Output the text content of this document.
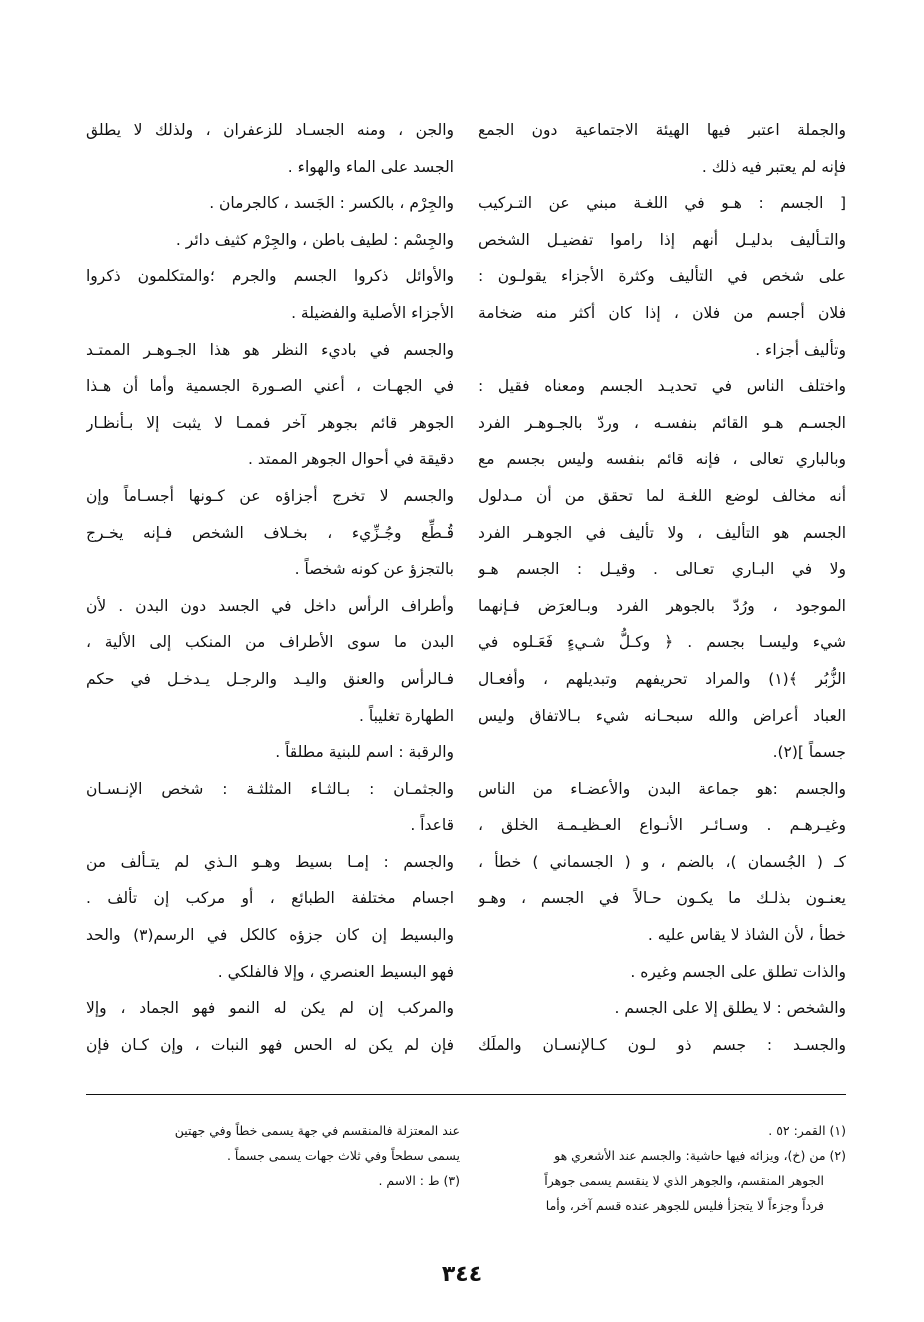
والجملة اعتبر فيها الهيئة الاجتماعية دون الجمع
فإنه لم يعتبر فيه ذلك .
[ الجسم : هـو في اللغـة مبني عن التـركيب
والتـأليف بدليـل أنهم إذا راموا تفضيـل الشخص
على شخص في التأليف وكثرة الأجزاء يقولـون :
فلان أجسم من فلان ، إذا كان أكثر منه ضخامة
وتأليف أجزاء .
واختلف الناس في تحديـد الجسم ومعناه فقيل :
الجسـم هـو القائم بنفسـه ، وردّ بالجـوهـر الفرد
وبالباري تعالى ، فإنه قائم بنفسه وليس بجسم مع
أنه مخالف لوضع اللغـة لما تحقق من أن مـدلول
الجسم هو التأليف ، ولا تأليف في الجوهـر الفرد
ولا في البـاري تعـالى . وقيـل : الجسم هـو
الموجود ، ورُدّ بالجوهر الفرد وبـالعرَض فـإنهما
شيء وليسـا بجسم . ﴿ وكـلُّ شـيءٍ فَعَـلوه في
الزُّبُر ﴾(١) والمراد تحريفهم وتبديلهم ، وأفعـال
العباد أعراض والله سبحـانه شيء بـالاتفاق وليس
جسماً ](٢).
والجسم :هو جماعة البدن والأعضـاء من الناس
وغيـرهـم . وسـائـر الأنـواع العـظيـمـة الخلق ،
كـ ( الجُسمان )، بالضم ، و ( الجسماني ) خطأ ،
يعنـون بذلـك ما يكـون حـالاً في الجسم ، وهـو
خطأ ، لأن الشاذ لا يقاس عليه .
والذات تطلق على الجسم وغيره .
والشخص : لا يطلق إلا على الجسم .
والجسـد : جسم ذو لـون كـالإنسـان والملَك
والجن ، ومنه الجسـاد للزعفران ، ولذلك لا يطلق
الجسد على الماء والهواء .
والجِرْم ، بالكسر : الجَسد ، كالجرمان .
والجِسْم : لطيف باطن ، والجِرْم كثيف دائر .
والأوائل ذكروا الجسم والجرم ؛والمتكلمون ذكروا
الأجزاء الأصلية والفضيلة .
والجسم في باديء النظر هو هذا الجـوهـر الممتـد
في الجهـات ، أعني الصـورة الجسمية وأما أن هـذا
الجوهر قائم بجوهر آخر فممـا لا يثبت إلا بـأنظـار
دقيقة في أحوال الجوهر الممتد .
والجسم لا تخرج أجزاؤه عن كـونها أجسـاماً وإن
قُـطِّع وجُـزِّيء ، بخـلاف الشخص فـإنه يخـرج
بالتجزؤ عن كونه شخصاً .
وأطراف الرأس داخل في الجسد دون البدن . لأن
البدن ما سوى الأطراف من المنكب إلى الألية ،
فـالرأس والعنق واليـد والرجـل يـدخـل في حكم
الطهارة تغليباً .
والرقبة : اسم للبنية مطلقاً .
والجثمـان : بـالثـاء المثلثـة : شخص الإنـسـان
قاعداً .
والجسم : إمـا بسيط وهـو الـذي لم يتـألف من
اجسام مختلفة الطبائع ، أو مركب إن تألف .
والبسيط إن كان جزؤه كالكل في الرسم(٣) والحد
فهو البسيط العنصري ، وإلا فالفلكي .
والمركب إن لم يكن له النمو فهو الجماد ، وإلا
فإن لم يكن له الحس فهو النبات ، وإن كـان فإن
(١) القمر: ٥٢ .
(٢) من (خ)، ويزائه فيها حاشية: والجسم عند الأشعري هو
الجوهر المنقسم، والجوهر الذي لا ينقسم يسمى جوهراً
فرداً وجزءاً لا يتجزأ فليس للجوهر عنده قسم آخر، وأما
عند المعتزلة فالمنقسم في جهة يسمى خطاً وفي جهتين
يسمى سطحاً وفي ثلاث جهات يسمى جسماً .
(٣) ط : الاسم .
٣٤٤
